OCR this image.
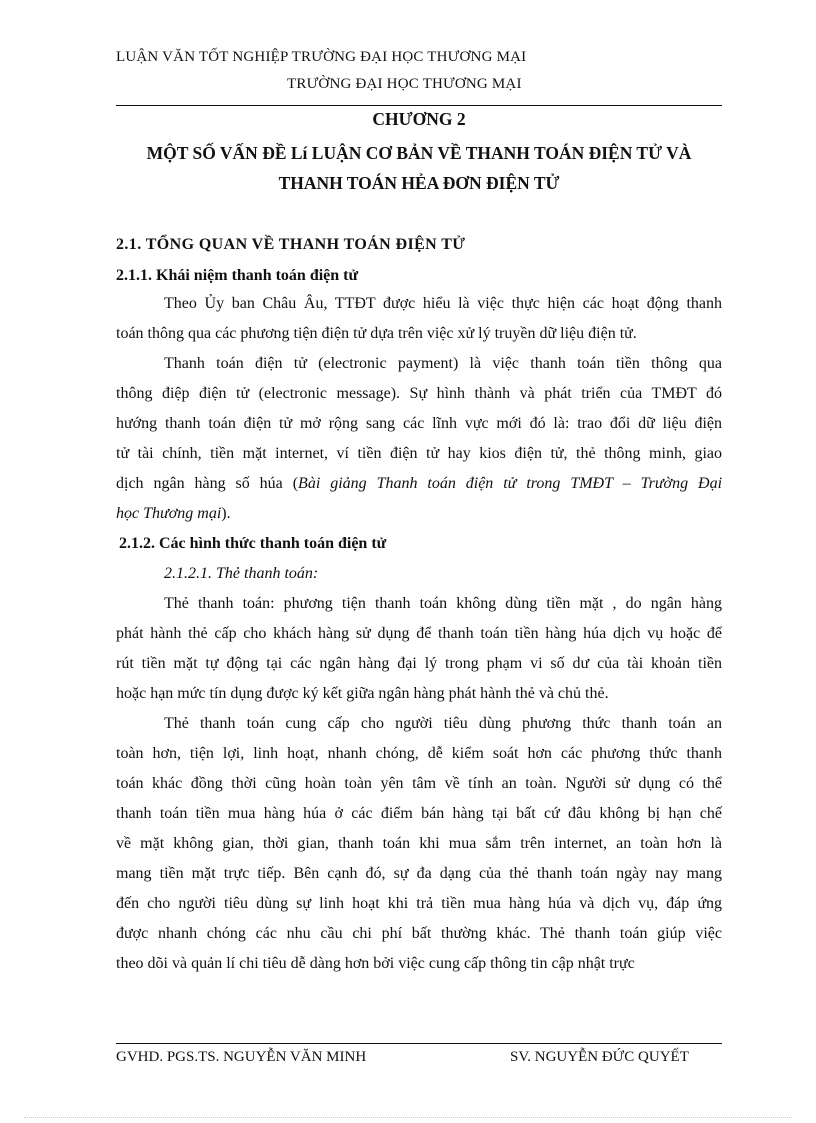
LUẬN VĂN TỐT NGHIỆP TRƯỜNG ĐẠI HỌC THƯƠNG MẠI
TRƯỜNG ĐẠI HỌC THƯƠNG MẠI
CHƯƠNG 2
MỘT SỐ VẤN ĐỀ Lí LUẬN CƠ BẢN VỀ THANH TOÁN ĐIỆN TỬ VÀ
THANH TOÁN HẺA ĐƠN ĐIỆN TỬ
2.1. TỔNG QUAN VỀ THANH TOÁN ĐIỆN TỬ
2.1.1. Khái niệm thanh toán điện tử
Theo Ủy ban Châu Âu, TTĐT được hiểu là việc thực hiện các hoạt động thanh
toán thông qua các phương tiện điện tử dựa trên việc xử lý truyền dữ liệu điện tử.
Thanh toán điện tử (electronic payment) là việc thanh toán tiền thông qua
thông điệp điện tử (electronic message). Sự hình thành và phát triển của TMĐT đó
hướng thanh toán điện tử mở rộng sang các lĩnh vực mới đó là: trao đổi dữ liệu điện
tử tài chính, tiền mặt internet, ví tiền điện tử hay kios điện tử, thẻ thông minh, giao
dịch ngân hàng số húa (Bài giảng Thanh toán điện tử trong TMĐT – Trường Đại
học Thương mại).
2.1.2. Các hình thức thanh toán điện tử
2.1.2.1. Thẻ thanh toán:
Thẻ thanh toán: phương tiện thanh toán không dùng tiền mặt , do ngân hàng
phát hành thẻ cấp cho khách hàng sử dụng để thanh toán tiền hàng húa dịch vụ hoặc để
rút tiền mặt tự động tại các ngân hàng đại lý trong phạm vi số dư của tài khoản tiền
hoặc hạn mức tín dụng được ký kết giữa ngân hàng phát hành thẻ và chủ thẻ.
Thẻ thanh toán cung cấp cho người tiêu dùng phương thức thanh toán an
toàn hơn, tiện lợi, linh hoạt, nhanh chóng, dễ kiểm soát hơn các phương thức thanh
toán khác đồng thời cũng hoàn toàn yên tâm về tính an toàn. Người sử dụng có thể
thanh toán tiền mua hàng húa ở các điểm bán hàng tại bất cứ đâu không bị hạn chế
về mặt không gian, thời gian, thanh toán khi mua sắm trên internet, an toàn hơn là
mang tiền mặt trực tiếp. Bên cạnh đó, sự đa dạng của thẻ thanh toán ngày nay mang
đến cho người tiêu dùng sự linh hoạt khi trả tiền mua hàng húa và dịch vụ, đáp ứng
được nhanh chóng các nhu cầu chi phí bất thường khác. Thẻ thanh toán giúp việc
theo dõi và quản lí chi tiêu dễ dàng hơn bởi việc cung cấp thông tin cập nhật trực
GVHD. PGS.TS. NGUYỄN VĂN MINH	SV. NGUYỄN ĐỨC QUYẾT
